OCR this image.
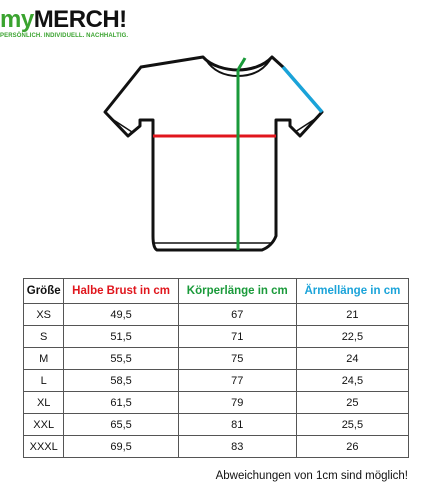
myMERCH!
PERSÖNLICH. INDIVIDUELL. NACHHALTIG.
Größe	Halbe Brust in cm	Körperlänge in cm	Ärmellänge in cm
XS	49,5	67	21
S	51,5	71	22,5
M	55,5	75	24
L	58,5	77	24,5
XL	61,5	79	25
XXL	65,5	81	25,5
XXXL	69,5	83	26
Abweichungen von 1cm sind möglich!
